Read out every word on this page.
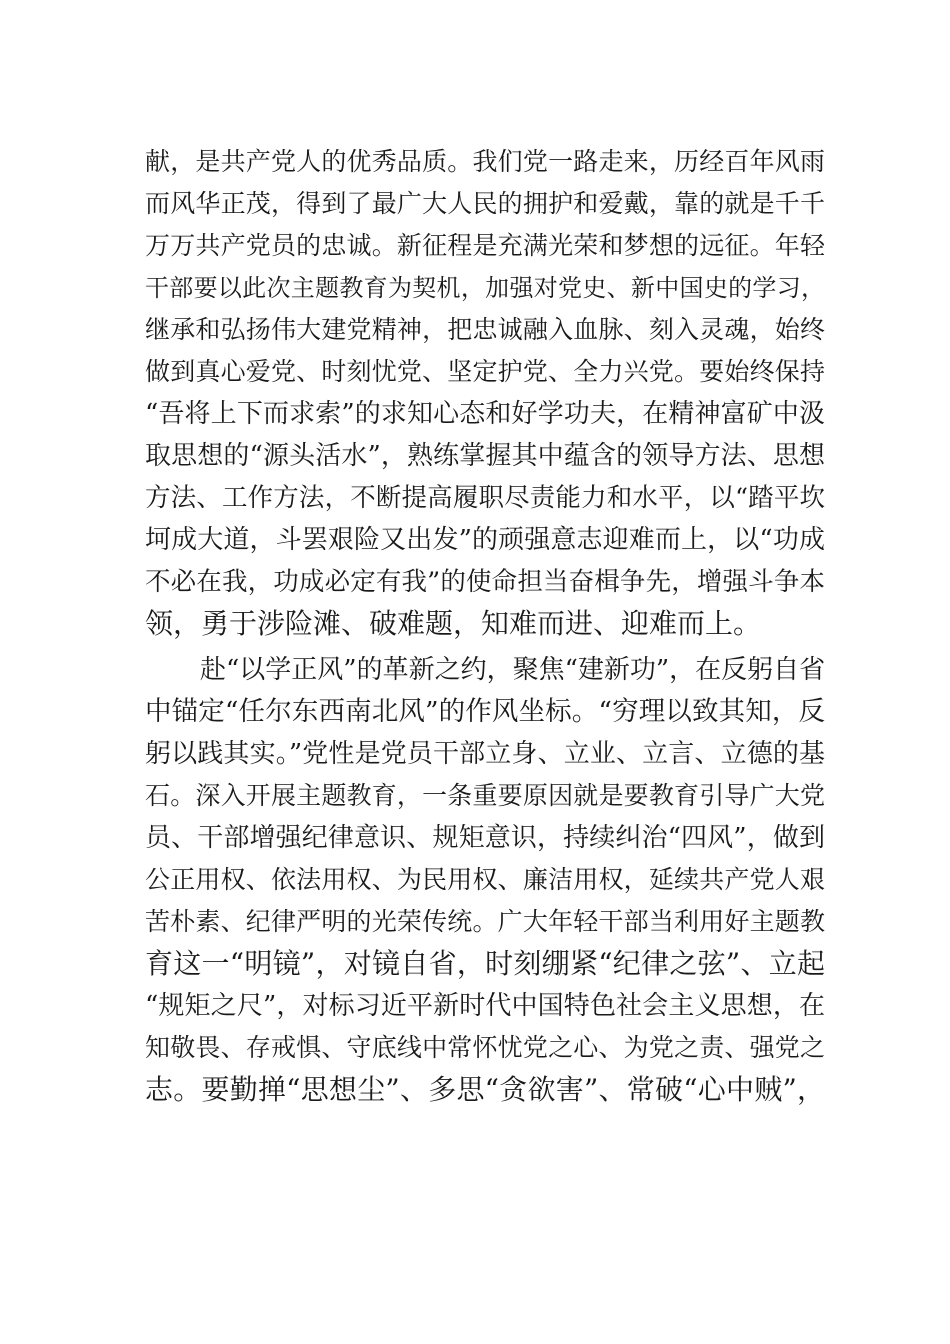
献，是共产党人的优秀品质。我们党一路走来，历经百年风雨
而风华正茂，得到了最广大人民的拥护和爱戴，靠的就是千千
万万共产党员的忠诚。新征程是充满光荣和梦想的远征。年轻
干部要以此次主题教育为契机，加强对党史、新中国史的学习，
继承和弘扬伟大建党精神，把忠诚融入血脉、刻入灵魂，始终
做到真心爱党、时刻忧党、坚定护党、全力兴党。要始终保持
“吾将上下而求索”的求知心态和好学功夫，在精神富矿中汲
取思想的“源头活水”，熟练掌握其中蕴含的领导方法、思想
方法、工作方法，不断提高履职尽责能力和水平，以“踏平坎
坷成大道，斗罢艰险又出发”的顽强意志迎难而上，以“功成
不必在我，功成必定有我”的使命担当奋楫争先，增强斗争本
领，勇于涉险滩、破难题，知难而进、迎难而上。
赴“以学正风”的革新之约，聚焦“建新功”，在反躬自省
中锚定“任尔东西南北风”的作风坐标。“穷理以致其知，反
躬以践其实。”党性是党员干部立身、立业、立言、立德的基
石。深入开展主题教育，一条重要原因就是要教育引导广大党
员、干部增强纪律意识、规矩意识，持续纠治“四风”，做到
公正用权、依法用权、为民用权、廉洁用权，延续共产党人艰
苦朴素、纪律严明的光荣传统。广大年轻干部当利用好主题教
育这一“明镜”，对镜自省，时刻绷紧“纪律之弦”、立起
“规矩之尺”，对标习近平新时代中国特色社会主义思想，在
知敬畏、存戒惧、守底线中常怀忧党之心、为党之责、强党之
志。要勤掸“思想尘”、多思“贪欲害”、常破“心中贼”，
